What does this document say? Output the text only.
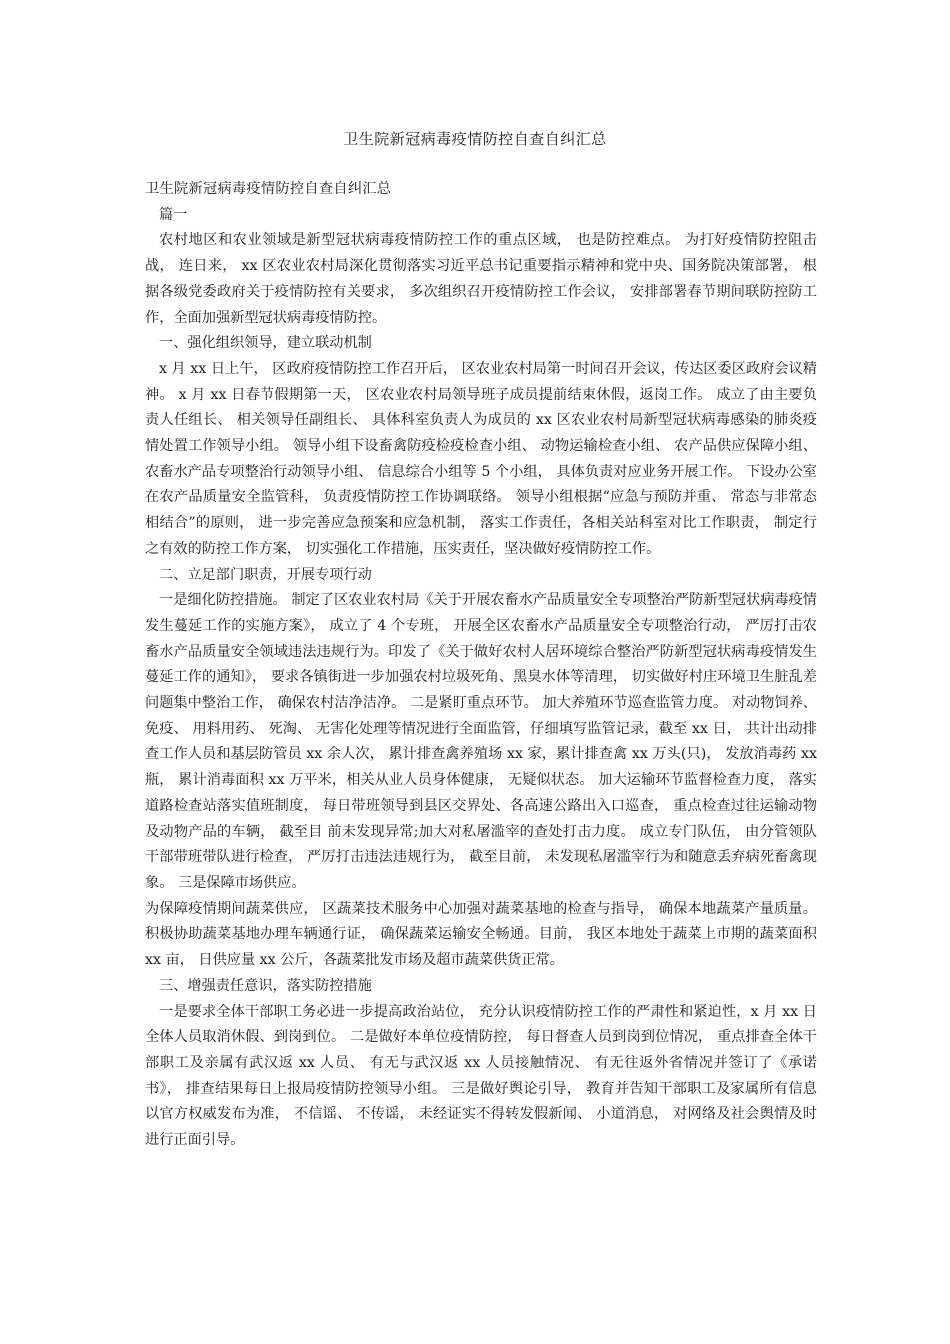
卫生院新冠病毒疫情防控自查自纠汇总

卫生院新冠病毒疫情防控自查自纠汇总

篇一

农村地区和农业领域是新型冠状病毒疫情防控工作的重点区域， 也是防控难点。 为打好疫情防控阻击战， 连日来， xx 区农业农村局深化贯彻落实习近平总书记重要指示精神和党中央、国务院决策部署， 根据各级党委政府关于疫情防控有关要求， 多次组织召开疫情防控工作会议， 安排部署春节期间联防控防工作，全面加强新型冠状病毒疫情防控。

一、强化组织领导，建立联动机制

x 月 xx 日上午， 区政府疫情防控工作召开后， 区农业农村局第一时间召开会议，传达区委区政府会议精神。 x 月 xx 日春节假期第一天， 区农业农村局领导班子成员提前结束休假，返岗工作。 成立了由主要负责人任组长、 相关领导任副组长、 具体科室负责人为成员的 xx 区农业农村局新型冠状病毒感染的肺炎疫情处置工作领导小组。 领导小组下设畜禽防疫检疫检查小组、 动物运输检查小组、 农产品供应保障小组、 农畜水产品专项整治行动领导小组、 信息综合小组等 5 个小组， 具体负责对应业务开展工作。 下设办公室在农产品质量安全监管科， 负责疫情防控工作协调联络。 领导小组根据“应急与预防并重、 常态与非常态相结合”的原则， 进一步完善应急预案和应急机制， 落实工作责任，各相关站科室对比工作职责， 制定行之有效的防控工作方案， 切实强化工作措施，压实责任，坚决做好疫情防控工作。

二、立足部门职责，开展专项行动

一是细化防控措施。 制定了区农业农村局《关于开展农畜水产品质量安全专项整治严防新型冠状病毒疫情发生蔓延工作的实施方案》， 成立了 4 个专班， 开展全区农畜水产品质量安全专项整治行动， 严厉打击农畜水产品质量安全领域违法违规行为。印发了《关于做好农村人居环境综合整治严防新型冠状病毒疫情发生蔓延工作的通知》， 要求各镇街进一步加强农村垃圾死角、黑臭水体等清理， 切实做好村庄环境卫生脏乱差问题集中整治工作， 确保农村洁净洁净。 二是紧盯重点环节。 加大养殖环节巡查监管力度。 对动物饲养、 免疫、 用料用药、 死淘、 无害化处理等情况进行全面监管，仔细填写监管记录，截至 xx 日， 共计出动排查工作人员和基层防管员 xx 余人次， 累计排查禽养殖场 xx 家，累计排查禽 xx 万头(只)， 发放消毒药 xx 瓶， 累计消毒面积 xx 万平米，相关从业人员身体健康， 无疑似状态。 加大运输环节监督检查力度， 落实道路检查站落实值班制度， 每日带班领导到县区交界处、各高速公路出入口巡查， 重点检查过往运输动物及动物产品的车辆， 截至目 前未发现异常;加大对私屠滥宰的查处打击力度。 成立专门队伍， 由分管领队干部带班带队进行检查， 严厉打击违法违规行为， 截至目前， 未发现私屠滥宰行为和随意丢弃病死畜禽现象。 三是保障市场供应。

为保障疫情期间蔬菜供应， 区蔬菜技术服务中心加强对蔬菜基地的检查与指导， 确保本地蔬菜产量质量。 积极协助蔬菜基地办理车辆通行证， 确保蔬菜运输安全畅通。目前， 我区本地处于蔬菜上市期的蔬菜面积 xx 亩， 日供应量 xx 公斤，各蔬菜批发市场及超市蔬菜供货正常。

三、增强责任意识，落实防控措施

一是要求全体干部职工务必进一步提高政治站位， 充分认识疫情防控工作的严肃性和紧迫性，x 月 xx 日全体人员取消休假、到岗到位。 二是做好本单位疫情防控， 每日督查人员到岗到位情况， 重点排查全体干部职工及亲属有武汉返 xx 人员、 有无与武汉返 xx 人员接触情况、 有无往返外省情况并签订了《承诺书》， 排查结果每日上报局疫情防控领导小组。 三是做好舆论引导， 教育并告知干部职工及家属所有信息以官方权威发布为准， 不信谣、 不传谣， 未经证实不得转发假新闻、 小道消息， 对网络及社会舆情及时进行正面引导。
